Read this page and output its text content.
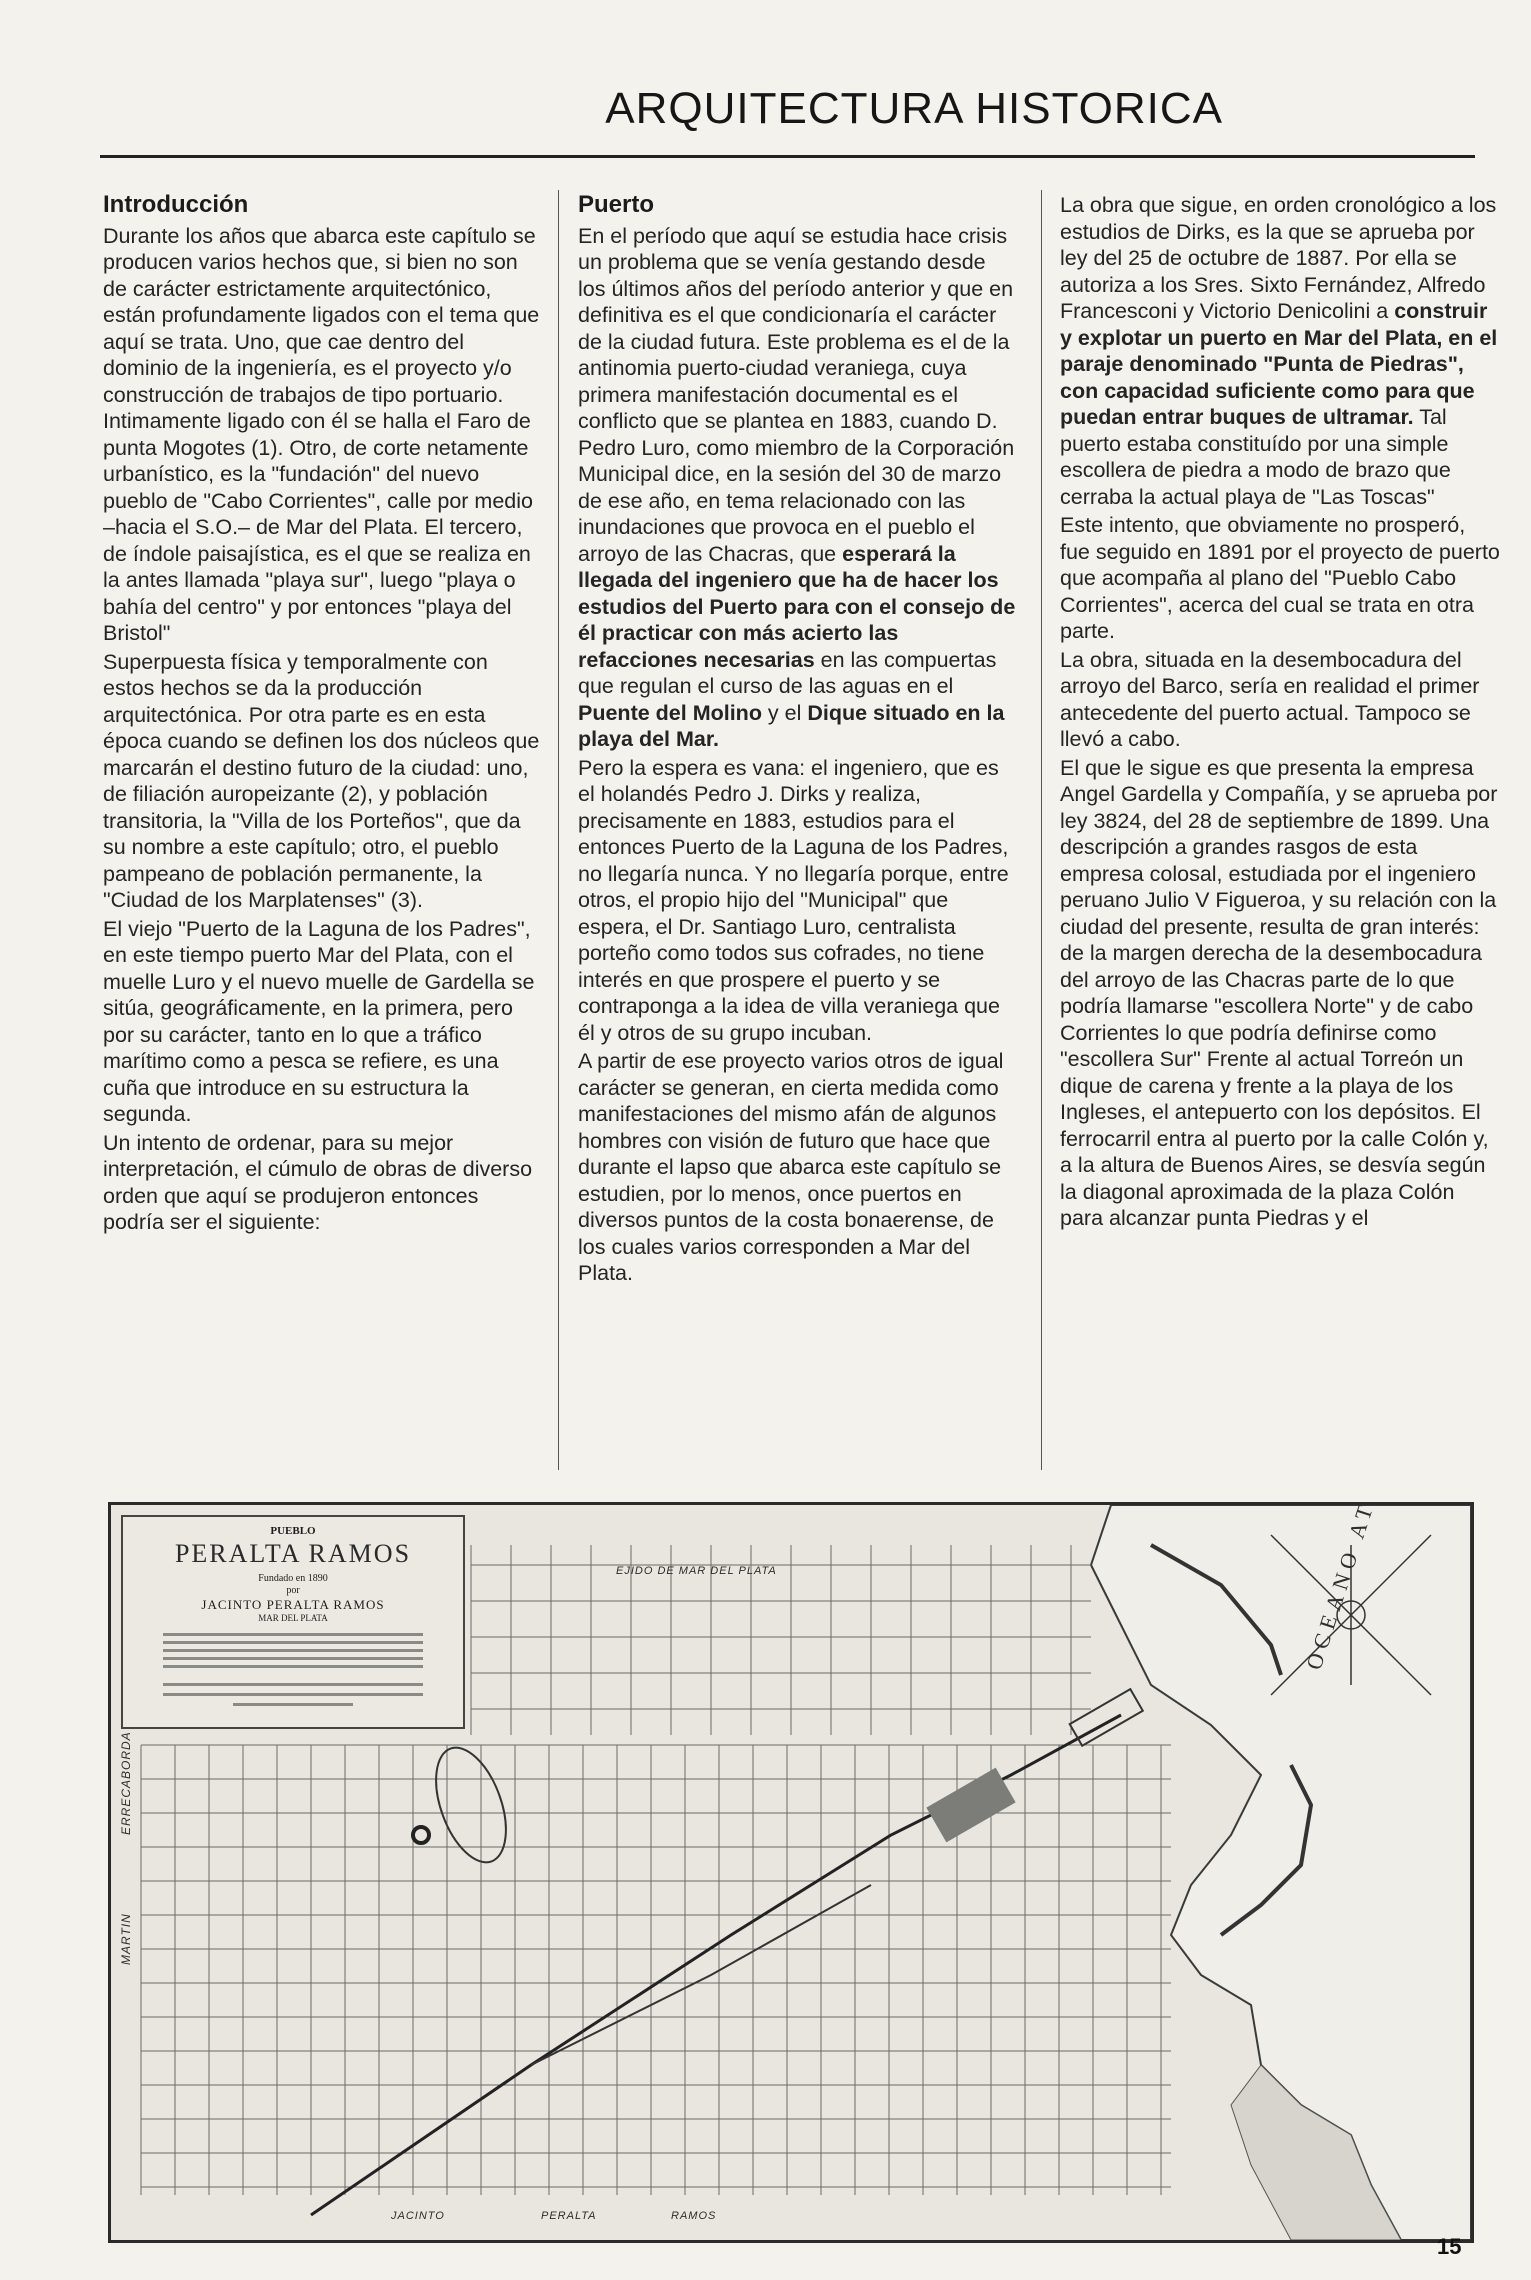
ARQUITECTURA HISTORICA
Introducción

Durante los años que abarca este capítulo se producen varios hechos que, si bien no son de carácter estrictamente arquitectónico, están profundamente ligados con el tema que aquí se trata. Uno, que cae dentro del dominio de la ingeniería, es el proyecto y/o construcción de trabajos de tipo portuario. Intimamente ligado con él se halla el Faro de punta Mogotes (1). Otro, de corte netamente urbanístico, es la "fundación" del nuevo pueblo de "Cabo Corrientes", calle por medio –hacia el S.O.– de Mar del Plata. El tercero, de índole paisajística, es el que se realiza en la antes llamada "playa sur", luego "playa o bahía del centro" y por entonces "playa del Bristol"

Superpuesta física y temporalmente con estos hechos se da la producción arquitectónica. Por otra parte es en esta época cuando se definen los dos núcleos que marcarán el destino futuro de la ciudad: uno, de filiación auropeizante (2), y población transitoria, la "Villa de los Porteños", que da su nombre a este capítulo; otro, el pueblo pampeano de población permanente, la "Ciudad de los Marplatenses" (3).

El viejo "Puerto de la Laguna de los Padres", en este tiempo puerto Mar del Plata, con el muelle Luro y el nuevo muelle de Gardella se sitúa, geográficamente, en la primera, pero por su carácter, tanto en lo que a tráfico marítimo como a pesca se refiere, es una cuña que introduce en su estructura la segunda.

Un intento de ordenar, para su mejor interpretación, el cúmulo de obras de diverso orden que aquí se produjeron entonces podría ser el siguiente:

Puerto

En el período que aquí se estudia hace crisis un problema que se venía gestando desde los últimos años del período anterior y que en definitiva es el que condicionaría el carácter de la ciudad futura. Este problema es el de la antinomia puerto-ciudad veraniega, cuya primera manifestación documental es el conflicto que se plantea en 1883, cuando D. Pedro Luro, como miembro de la Corporación Municipal dice, en la sesión del 30 de marzo de ese año, en tema relacionado con las inundaciones que provoca en el pueblo el arroyo de las Chacras, que esperará la llegada del ingeniero que ha de hacer los estudios del Puerto para con el consejo de él practicar con más acierto las refacciones necesarias en las compuertas que regulan el curso de las aguas en el Puente del Molino y el Dique situado en la playa del Mar.

Pero la espera es vana: el ingeniero, que es el holandés Pedro J. Dirks y realiza, precisamente en 1883, estudios para el entonces Puerto de la Laguna de los Padres, no llegaría nunca. Y no llegaría porque, entre otros, el propio hijo del "Municipal" que espera, el Dr. Santiago Luro, centralista porteño como todos sus cofrades, no tiene interés en que prospere el puerto y se contraponga a la idea de villa veraniega que él y otros de su grupo incuban.

A partir de ese proyecto varios otros de igual carácter se generan, en cierta medida como manifestaciones del mismo afán de algunos hombres con visión de futuro que hace que durante el lapso que abarca este capítulo se estudien, por lo menos, once puertos en diversos puntos de la costa bonaerense, de los cuales varios corresponden a Mar del Plata.

La obra que sigue, en orden cronológico a los estudios de Dirks, es la que se aprueba por ley del 25 de octubre de 1887. Por ella se autoriza a los Sres. Sixto Fernández, Alfredo Francesconi y Victorio Denicolini a construir y explotar un puerto en Mar del Plata, en el paraje denominado "Punta de Piedras", con capacidad suficiente como para que puedan entrar buques de ultramar. Tal puerto estaba constituído por una simple escollera de piedra a modo de brazo que cerraba la actual playa de "Las Toscas"

Este intento, que obviamente no prosperó, fue seguido en 1891 por el proyecto de puerto que acompaña al plano del "Pueblo Cabo Corrientes", acerca del cual se trata en otra parte.

La obra, situada en la desembocadura del arroyo del Barco, sería en realidad el primer antecedente del puerto actual. Tampoco se llevó a cabo.

El que le sigue es que presenta la empresa Angel Gardella y Compañía, y se aprueba por ley 3824, del 28 de septiembre de 1899. Una descripción a grandes rasgos de esta empresa colosal, estudiada por el ingeniero peruano Julio V Figueroa, y su relación con la ciudad del presente, resulta de gran interés: de la margen derecha de la desembocadura del arroyo de las Chacras parte de lo que podría llamarse "escollera Norte" y de cabo Corrientes lo que podría definirse como "escollera Sur" Frente al actual Torreón un dique de carena y frente a la playa de los Ingleses, el antepuerto con los depósitos. El ferrocarril entra al puerto por la calle Colón y, a la altura de Buenos Aires, se desvía según la diagonal aproximada de la plaza Colón para alcanzar punta Piedras y el

PUEBLO
PERALTA RAMOS
Fundado en 1890
por
JACINTO PERALTA RAMOS
MAR DEL PLATA
EJIDO DE MAR DEL PLATA
JACINTO	PERALTA	RAMOS
ERRECABORDA
MARTIN
15
